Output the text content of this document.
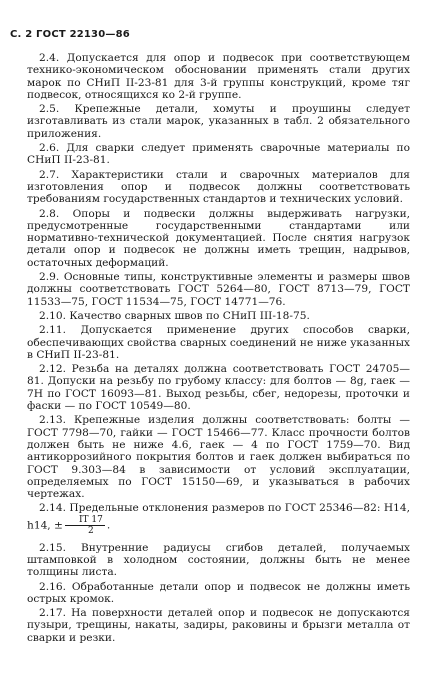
С. 2 ГОСТ 22130—86

2.4. Допускается для опор и подвесок при соответствующем технико-экономическом обосновании применять стали других марок по СНиП II-23-81 для 3-й группы конструкций, кроме тяг подвесок, относящихся ко 2-й группе.

2.5. Крепежные детали, хомуты и проушины следует изготавливать из стали марок, указанных в табл. 2 обязательного приложения.

2.6. Для сварки следует применять сварочные материалы по СНиП II-23-81.

2.7. Характеристики стали и сварочных материалов для изготовления опор и подвесок должны соответствовать требованиям государственных стандартов и технических условий.

2.8. Опоры и подвески должны выдерживать нагрузки, предусмотренные государственными стандартами или нормативно-технической документацией. После снятия нагрузок детали опор и подвесок не должны иметь трещин, надрывов, остаточных деформаций.

2.9. Основные типы, конструктивные элементы и размеры швов должны соответствовать ГОСТ 5264—80, ГОСТ 8713—79, ГОСТ 11533—75, ГОСТ 11534—75, ГОСТ 14771—76.

2.10. Качество сварных швов по СНиП III-18-75.

2.11. Допускается применение других способов сварки, обеспечивающих свойства сварных соединений не ниже указанных в СНиП II-23-81.

2.12. Резьба на деталях должна соответствовать ГОСТ 24705—81. Допуски на резьбу по грубому классу: для болтов — 8g, гаек — 7Н по ГОСТ 16093—81. Выход резьбы, сбег, недорезы, проточки и фаски — по ГОСТ 10549—80.

2.13. Крепежные изделия должны соответствовать: болты — ГОСТ 7798—70, гайки — ГОСТ 15466—77. Класс прочности болтов должен быть не ниже 4.6, гаек — 4 по ГОСТ 1759—70. Вид антикоррозийного покрытия болтов и гаек должен выбираться по ГОСТ 9.303—84 в зависимости от условий эксплуатации, определяемых по ГОСТ 15150—69, и указываться в рабочих чертежах.

2.14. Предельные отклонения размеров по ГОСТ 25346—82: Н14, h14, ± $\frac{IT 17}{2}$ .

2.15. Внутренние радиусы сгибов деталей, получаемых штамповкой в холодном состоянии, должны быть не менее толщины листа.

2.16. Обработанные детали опор и подвесок не должны иметь острых кромок.

2.17. На поверхности деталей опор и подвесок не допускаются пузыри, трещины, накаты, задиры, раковины и брызги металла от сварки и резки.
